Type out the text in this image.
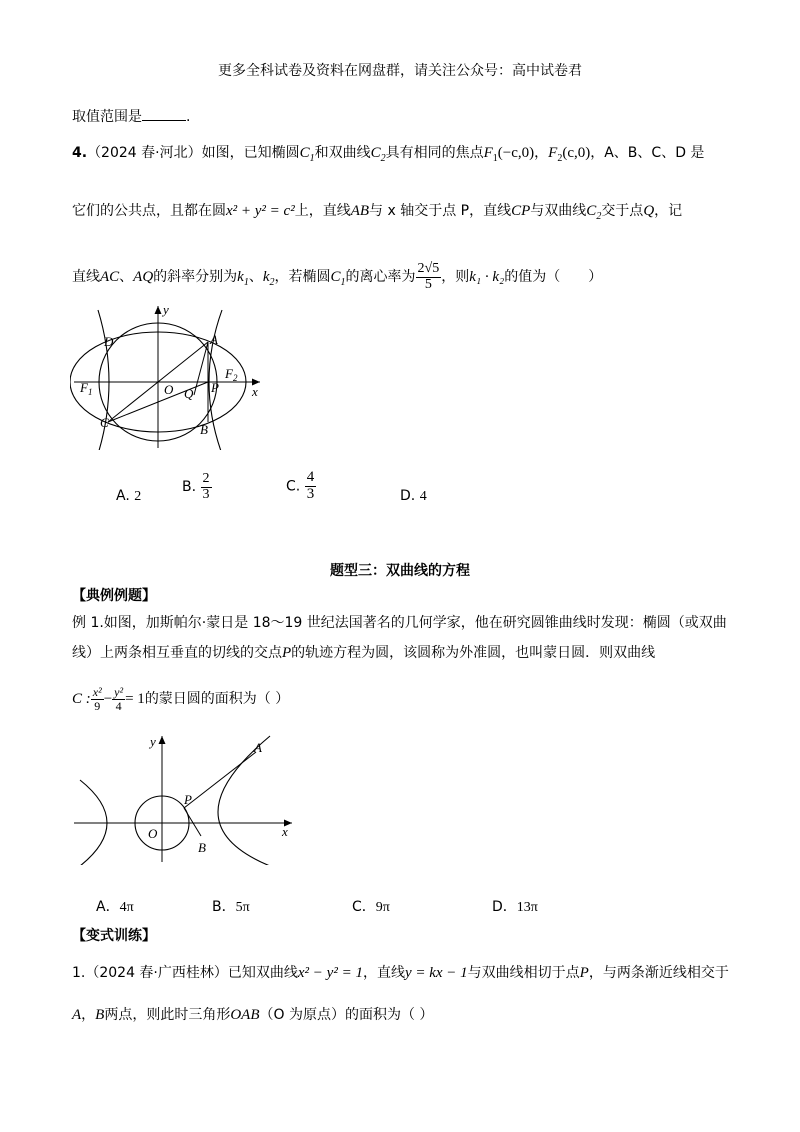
更多全科试卷及资料在网盘群，请关注公众号：高中试卷君
取值范围是	.
4.（2024 春·河北）如图，已知椭圆$C_1$和双曲线$C_2$具有相同的焦点$F_1(-c,0)$，$F_2(c,0)$，A、B、C、D 是
它们的公共点，且都在圆x² + y² = c²上，直线AB与 x 轴交于点 P，直线CP与双曲线$C_2$交于点Q，记
直线AC、AQ的斜率分别为$k_1$、$k_2$，若椭圆$C_1$的离心率为 $\frac{2√5}{5}$ ，则k₁ · k₂的值为（　　）
y
x
D	A
$F_1$	O	P
$F_2$
Q
C	B
A. 2
B. $\frac{2}{3}$	C. $\frac{4}{3}$	D. 4
题型三：双曲线的方程
【典例例题】
例 1.如图，加斯帕尔·蒙日是 18～19 世纪法国著名的几何学家，他在研究圆锥曲线时发现：椭圆（或双曲
线）上两条相互垂直的切线的交点P的轨迹方程为圆，该圆称为外准圆，也叫蒙日圆．则双曲线
C : $\frac{\text{x²}}{9} - \frac{\text{y²}}{4} = 1$的蒙日圆的面积为（ ）
y
x
A
P
O
B
A．4π	B．5π	C．9π	D．13π
【变式训练】
1.（2024 春·广西桂林）已知双曲线x² − y² = 1，直线y = kx − 1与双曲线相切于点P，与两条渐近线相交于
A，B两点，则此时三角形OAB（O 为原点）的面积为（ ）
